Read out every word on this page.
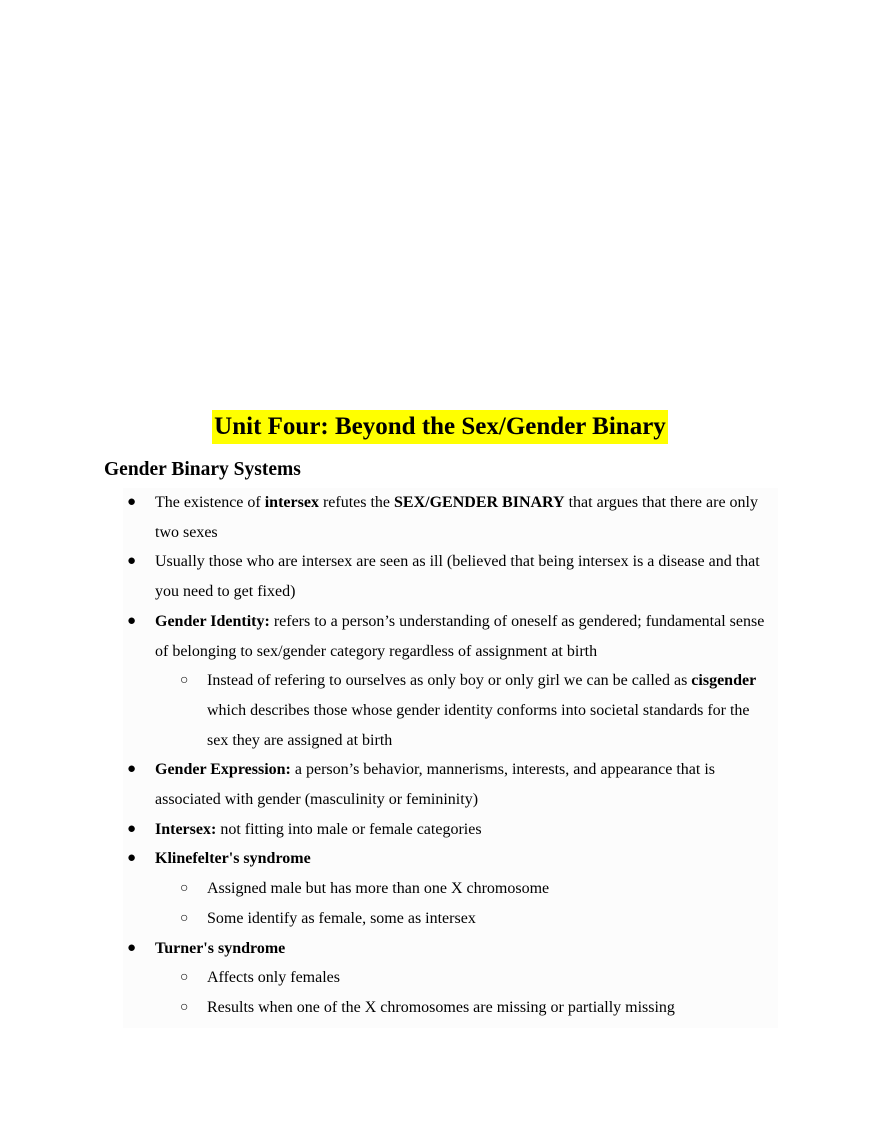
Unit Four: Beyond the Sex/Gender Binary
Gender Binary Systems
● The existence of intersex refutes the SEX/GENDER BINARY that argues that there are only two sexes
● Usually those who are intersex are seen as ill (believed that being intersex is a disease and that you need to get fixed)
● Gender Identity: refers to a person’s understanding of oneself as gendered; fundamental sense of belonging to sex/gender category regardless of assignment at birth
○ Instead of refering to ourselves as only boy or only girl we can be called as cisgender which describes those whose gender identity conforms into societal standards for the sex they are assigned at birth
● Gender Expression: a person’s behavior, mannerisms, interests, and appearance that is associated with gender (masculinity or femininity)
● Intersex: not fitting into male or female categories
● Klinefelter's syndrome
○ Assigned male but has more than one X chromosome
○ Some identify as female, some as intersex
● Turner's syndrome
○ Affects only females
○ Results when one of the X chromosomes are missing or partially missing
